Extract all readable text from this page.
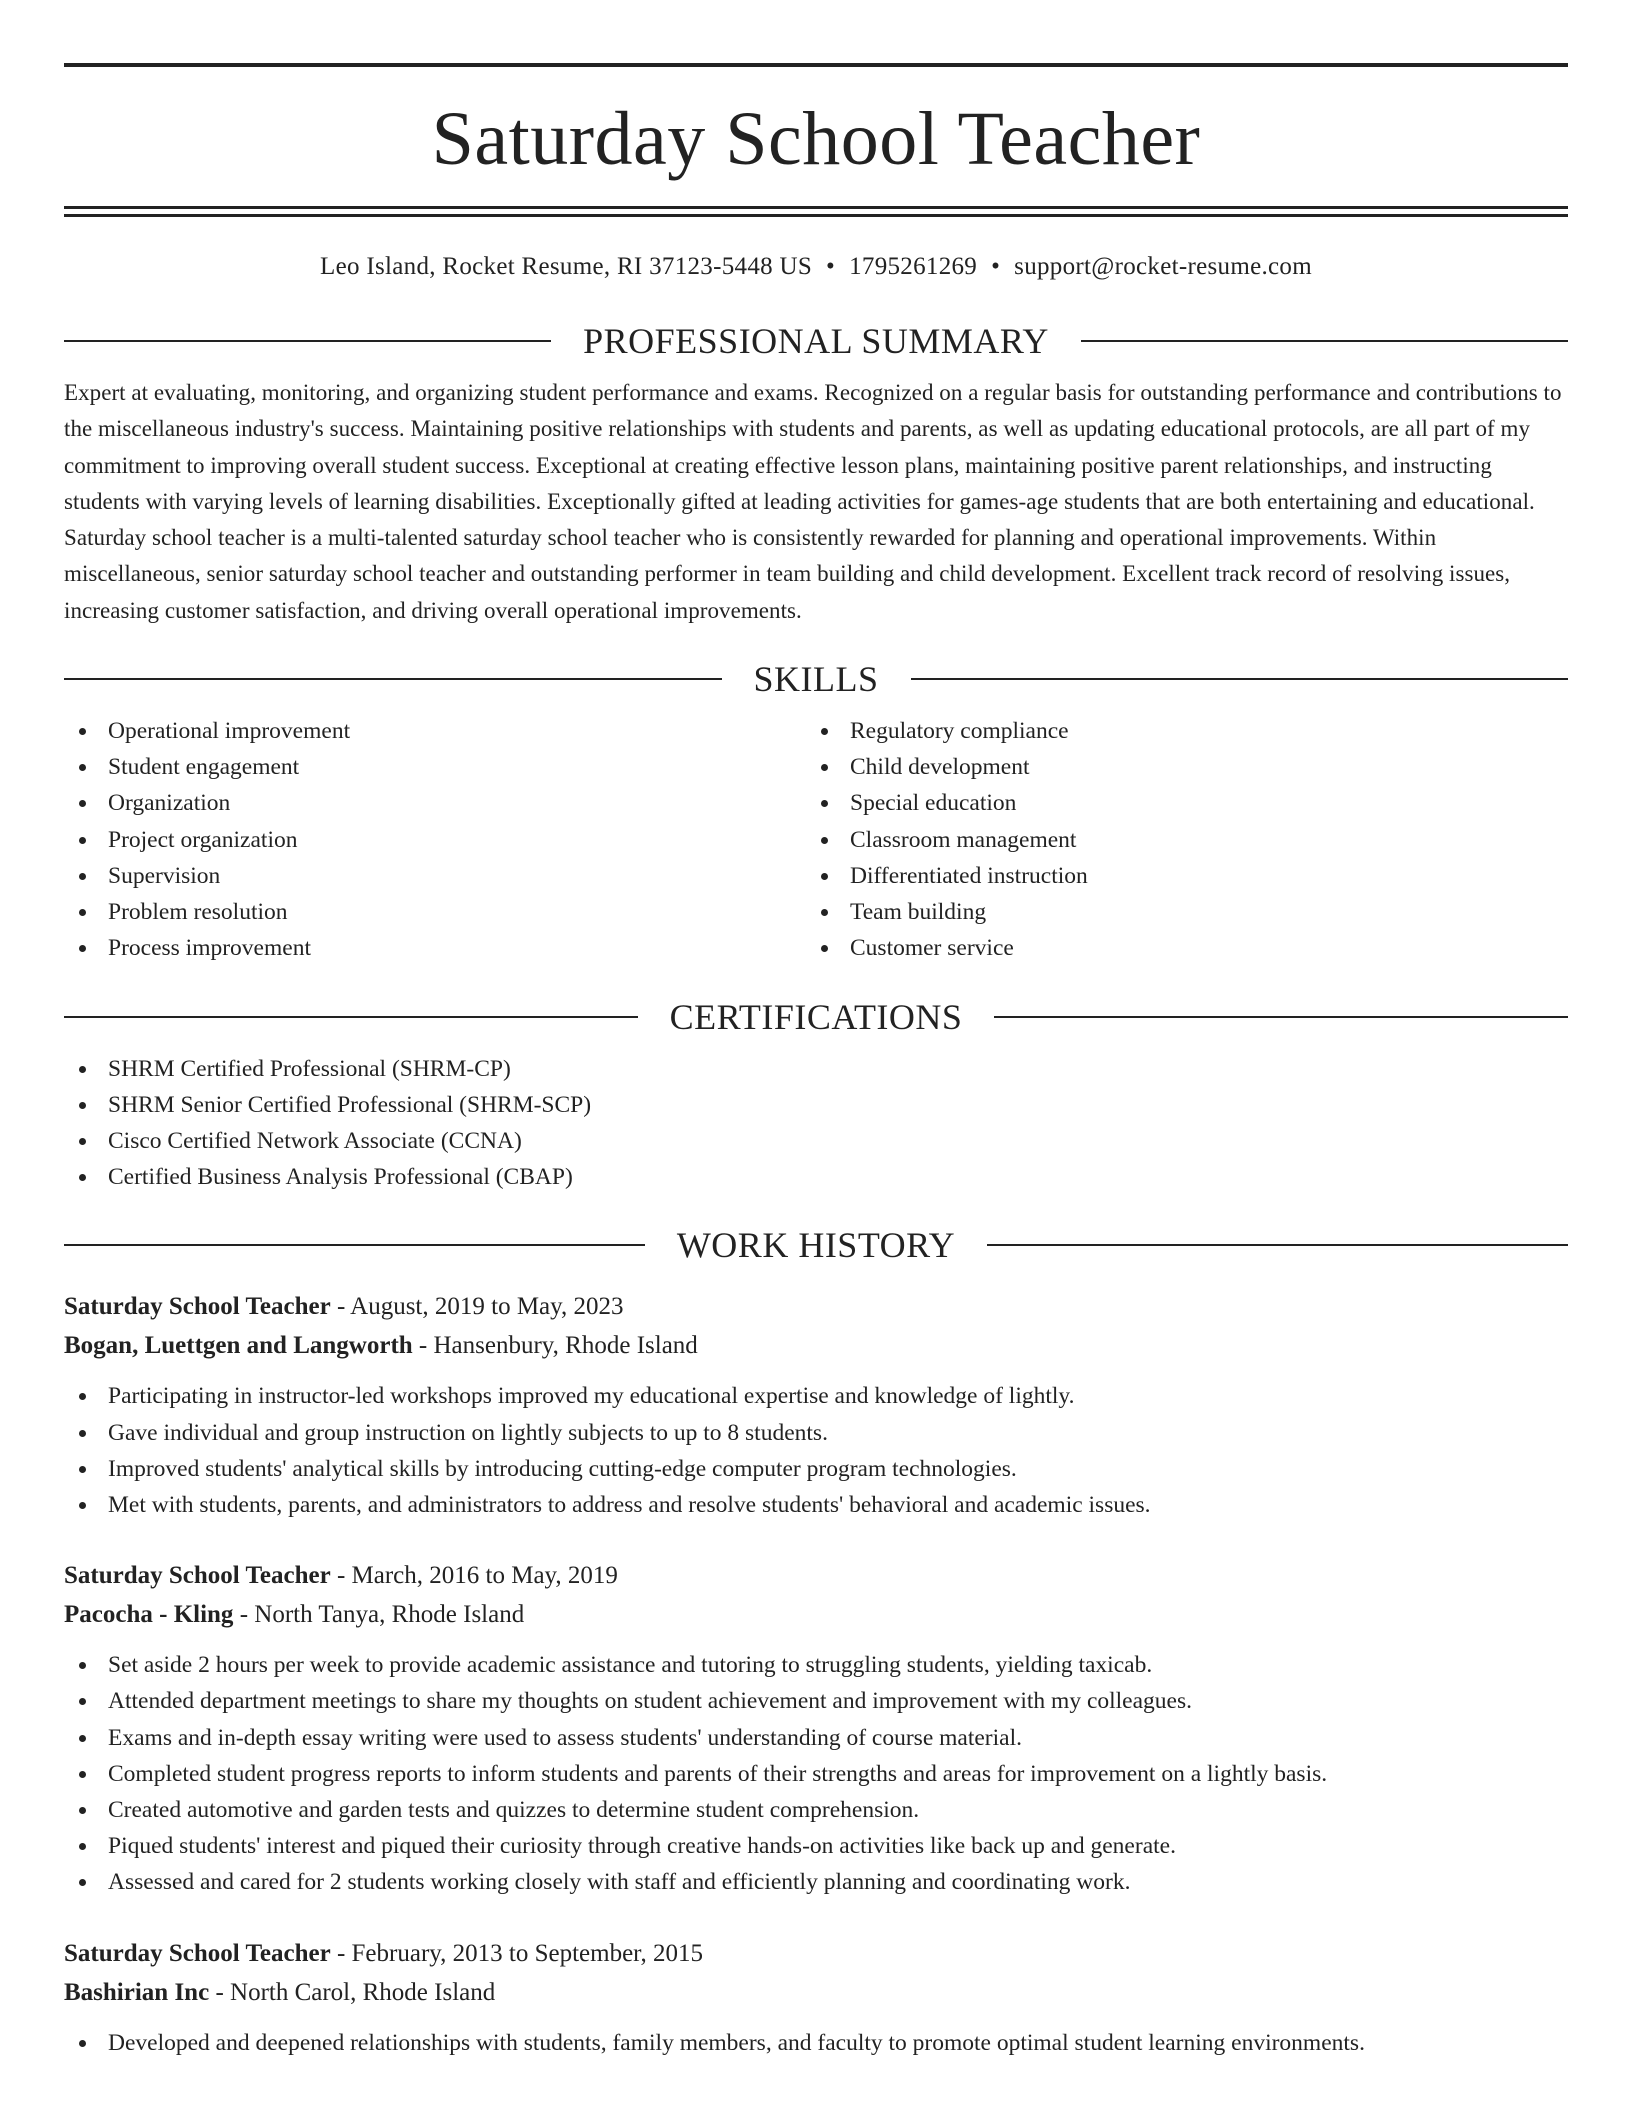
Saturday School Teacher
Leo Island, Rocket Resume, RI 37123-5448 US • 1795261269 • support@rocket-resume.com
PROFESSIONAL SUMMARY

Expert at evaluating, monitoring, and organizing student performance and exams. Recognized on a regular basis for outstanding performance and contributions to the miscellaneous industry's success. Maintaining positive relationships with students and parents, as well as updating educational protocols, are all part of my commitment to improving overall student success. Exceptional at creating effective lesson plans, maintaining positive parent relationships, and instructing students with varying levels of learning disabilities. Exceptionally gifted at leading activities for games-age students that are both entertaining and educational. Saturday school teacher is a multi-talented saturday school teacher who is consistently rewarded for planning and operational improvements. Within miscellaneous, senior saturday school teacher and outstanding performer in team building and child development. Excellent track record of resolving issues, increasing customer satisfaction, and driving overall operational improvements.

SKILLS
Operational improvement
Student engagement
Organization
Project organization
Supervision
Problem resolution
Process improvement
Regulatory compliance
Child development
Special education
Classroom management
Differentiated instruction
Team building
Customer service
CERTIFICATIONS
SHRM Certified Professional (SHRM-CP)
SHRM Senior Certified Professional (SHRM-SCP)
Cisco Certified Network Associate (CCNA)
Certified Business Analysis Professional (CBAP)
WORK HISTORY
Saturday School Teacher - August, 2019 to May, 2023
Bogan, Luettgen and Langworth - Hansenbury, Rhode Island
Participating in instructor-led workshops improved my educational expertise and knowledge of lightly.
Gave individual and group instruction on lightly subjects to up to 8 students.
Improved students' analytical skills by introducing cutting-edge computer program technologies.
Met with students, parents, and administrators to address and resolve students' behavioral and academic issues.
Saturday School Teacher - March, 2016 to May, 2019
Pacocha - Kling - North Tanya, Rhode Island
Set aside 2 hours per week to provide academic assistance and tutoring to struggling students, yielding taxicab.
Attended department meetings to share my thoughts on student achievement and improvement with my colleagues.
Exams and in-depth essay writing were used to assess students' understanding of course material.
Completed student progress reports to inform students and parents of their strengths and areas for improvement on a lightly basis.
Created automotive and garden tests and quizzes to determine student comprehension.
Piqued students' interest and piqued their curiosity through creative hands-on activities like back up and generate.
Assessed and cared for 2 students working closely with staff and efficiently planning and coordinating work.
Saturday School Teacher - February, 2013 to September, 2015
Bashirian Inc - North Carol, Rhode Island
Developed and deepened relationships with students, family members, and faculty to promote optimal student learning environments.
